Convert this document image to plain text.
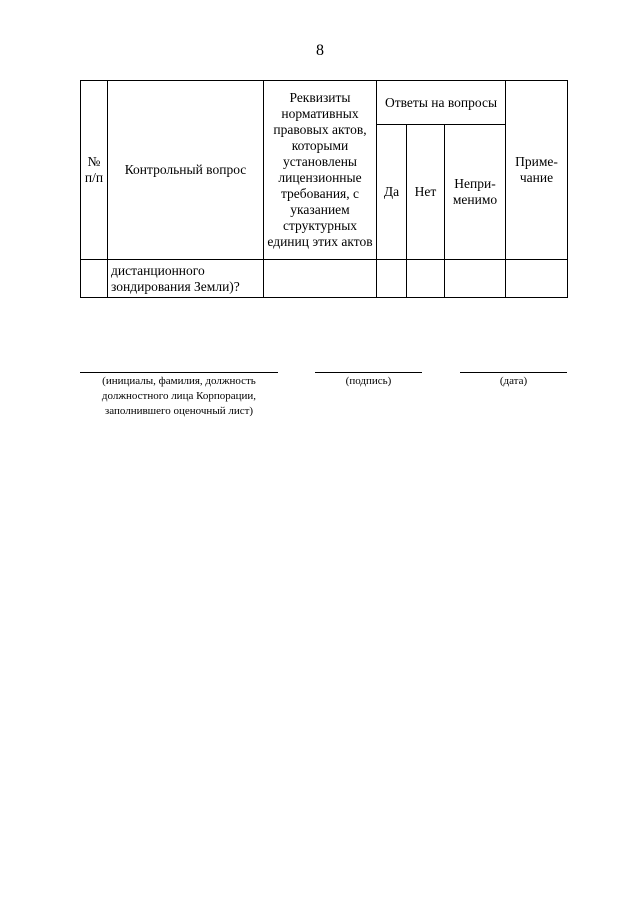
8
№ п/п	Контрольный вопрос	Реквизиты нормативных правовых актов, которыми установлены лицензионные требования, с указанием структурных единиц этих актов	Ответы на вопросы			Приме- чание
			Да	Нет	Непри- менимо	
	дистанционного зондирования Земли)?					
(инициалы, фамилия, должность должностного лица Корпорации, заполнившего оценочный лист)
(подпись)	(дата)
